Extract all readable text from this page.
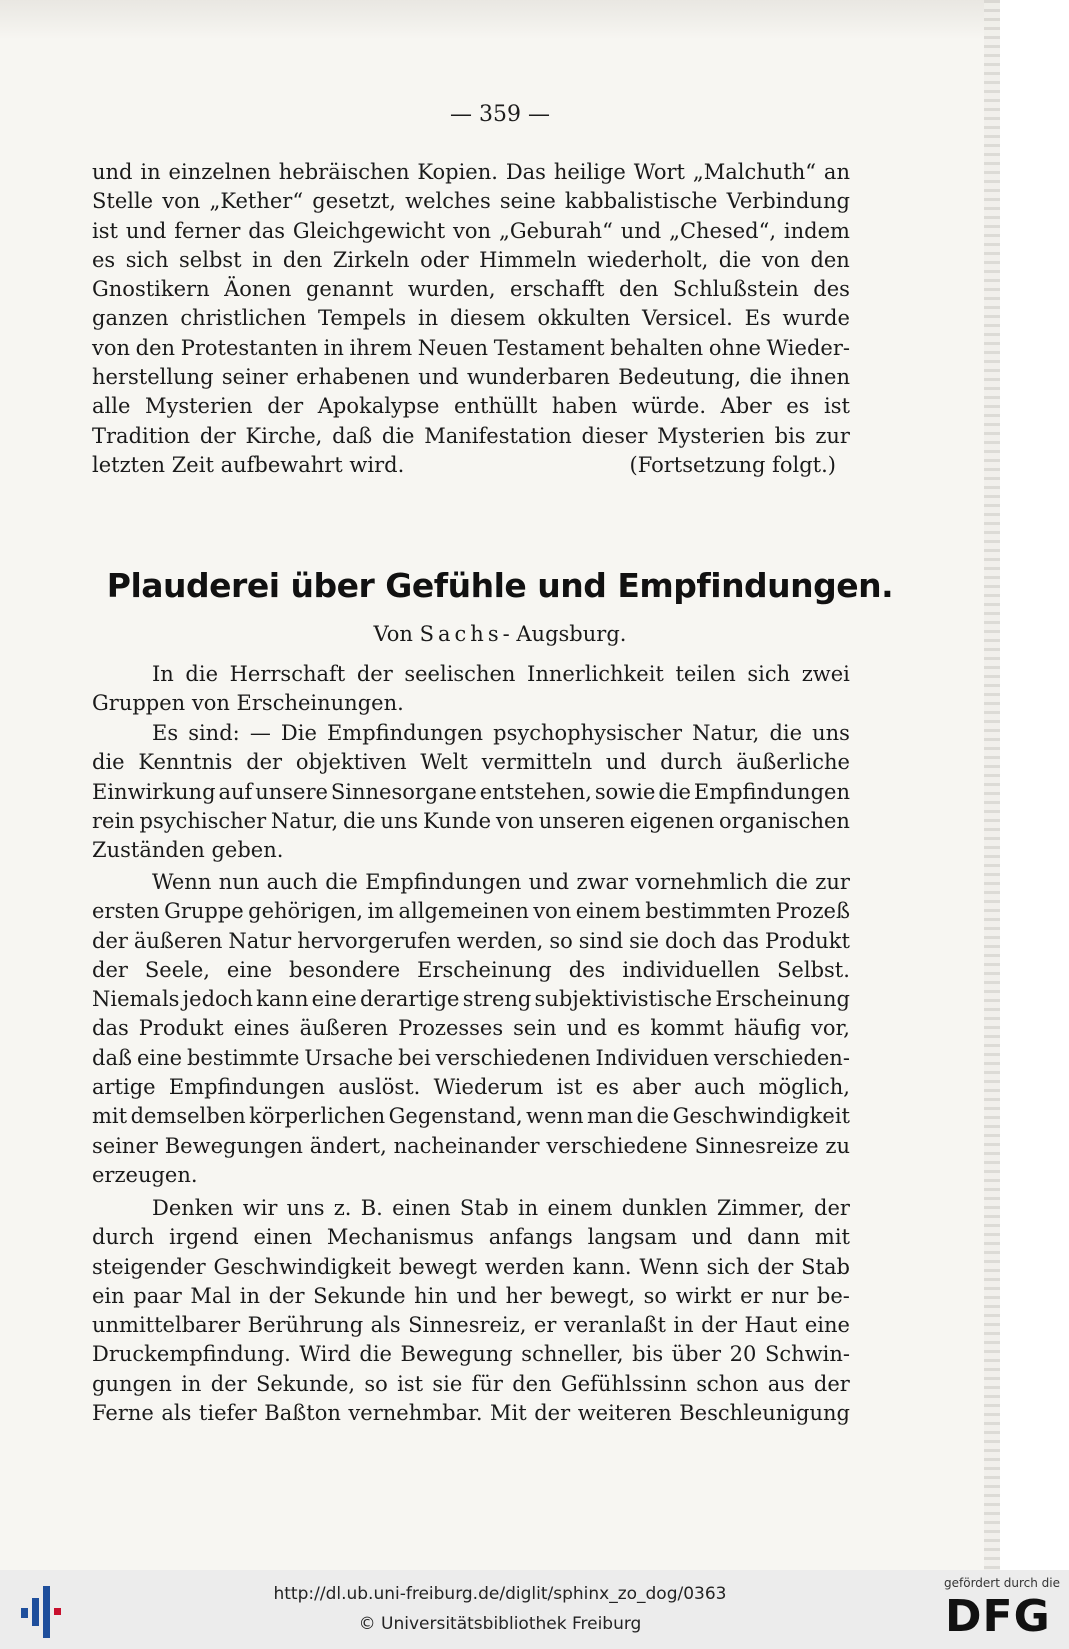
— 359 —
und in einzelnen hebräischen Kopien. Das heilige Wort „Malchuth“ an
Stelle von „Kether“ gesetzt, welches seine kabbalistische Verbindung
ist und ferner das Gleichgewicht von „Geburah“ und „Chesed“, indem
es sich selbst in den Zirkeln oder Himmeln wiederholt, die von den
Gnostikern Äonen genannt wurden, erschafft den Schlußstein des
ganzen christlichen Tempels in diesem okkulten Versicel. Es wurde
von den Protestanten in ihrem Neuen Testament behalten ohne Wieder-
herstellung seiner erhabenen und wunderbaren Bedeutung, die ihnen
alle Mysterien der Apokalypse enthüllt haben würde. Aber es ist
Tradition der Kirche, daß die Manifestation dieser Mysterien bis zur
letzten Zeit aufbewahrt wird.	(Fortsetzung folgt.)
Plauderei über Gefühle und Empfindungen.
Von Sachs- Augsburg.
In die Herrschaft der seelischen Innerlichkeit teilen sich zwei
Gruppen von Erscheinungen.
Es sind: — Die Empfindungen psychophysischer Natur, die uns
die Kenntnis der objektiven Welt vermitteln und durch äußerliche
Einwirkung auf unsere Sinnesorgane entstehen, sowie die Empfindungen
rein psychischer Natur, die uns Kunde von unseren eigenen organischen
Zuständen geben.
Wenn nun auch die Empfindungen und zwar vornehmlich die zur
ersten Gruppe gehörigen, im allgemeinen von einem bestimmten Prozeß
der äußeren Natur hervorgerufen werden, so sind sie doch das Produkt
der Seele, eine besondere Erscheinung des individuellen Selbst.
Niemals jedoch kann eine derartige streng subjektivistische Erscheinung
das Produkt eines äußeren Prozesses sein und es kommt häufig vor,
daß eine bestimmte Ursache bei verschiedenen Individuen verschieden-
artige Empfindungen auslöst. Wiederum ist es aber auch möglich,
mit demselben körperlichen Gegenstand, wenn man die Geschwindigkeit
seiner Bewegungen ändert, nacheinander verschiedene Sinnesreize zu
erzeugen.
Denken wir uns z. B. einen Stab in einem dunklen Zimmer, der
durch irgend einen Mechanismus anfangs langsam und dann mit
steigender Geschwindigkeit bewegt werden kann. Wenn sich der Stab
ein paar Mal in der Sekunde hin und her bewegt, so wirkt er nur be-
unmittelbarer Berührung als Sinnesreiz, er veranlaßt in der Haut eine
Druckempfindung. Wird die Bewegung schneller, bis über 20 Schwin-
gungen in der Sekunde, so ist sie für den Gefühlssinn schon aus der
Ferne als tiefer Baßton vernehmbar. Mit der weiteren Beschleunigung
http://dl.ub.uni-freiburg.de/diglit/sphinx_zo_dog/0363
© Universitätsbibliothek Freiburg
gefördert durch die
DFG
